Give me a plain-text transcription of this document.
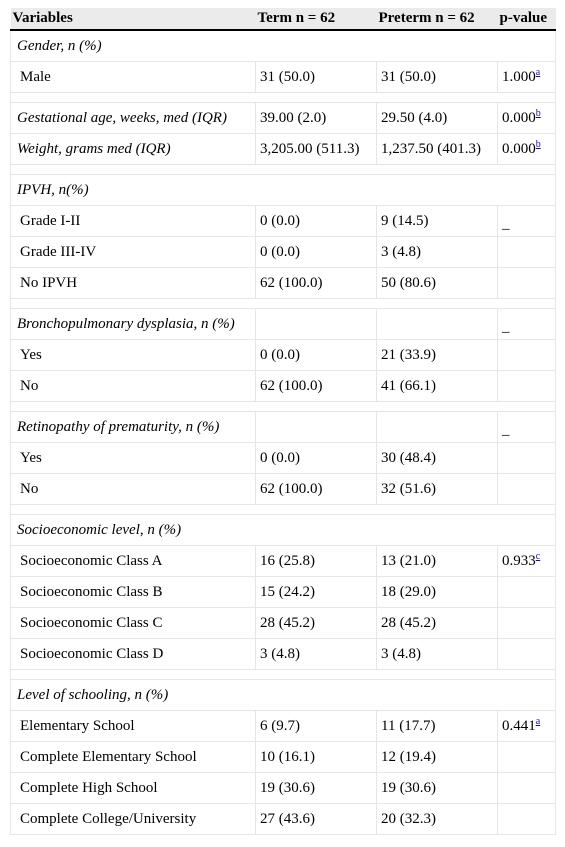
Variables	Term n = 62	Preterm n = 62	p-value
Gender, n (%)			
Male	31 (50.0)	31 (50.0)	1.000$^a$

Gestational age, weeks, med (IQR)	39.00 (2.0)	29.50 (4.0)	0.000$^b$
Weight, grams med (IQR)	3,205.00 (511.3)	1,237.50 (401.3)	0.000$^b$

IPVH, n(%)			
Grade I-II	0 (0.0)	9 (14.5)	_
Grade III-IV	0 (0.0)	3 (4.8)	
No IPVH	62 (100.0)	50 (80.6)	

Bronchopulmonary dysplasia, n (%)			_
Yes	0 (0.0)	21 (33.9)	
No	62 (100.0)	41 (66.1)	

Retinopathy of prematurity, n (%)			_
Yes	0 (0.0)	30 (48.4)	
No	62 (100.0)	32 (51.6)	

Socioeconomic level, n (%)			
Socioeconomic Class A	16 (25.8)	13 (21.0)	0.933$^c$
Socioeconomic Class B	15 (24.2)	18 (29.0)	
Socioeconomic Class C	28 (45.2)	28 (45.2)	
Socioeconomic Class D	3 (4.8)	3 (4.8)	

Level of schooling, n (%)			
Elementary School	6 (9.7)	11 (17.7)	0.441$^a$
Complete Elementary School	10 (16.1)	12 (19.4)	
Complete High School	19 (30.6)	19 (30.6)	
Complete College/University	27 (43.6)	20 (32.3)	
